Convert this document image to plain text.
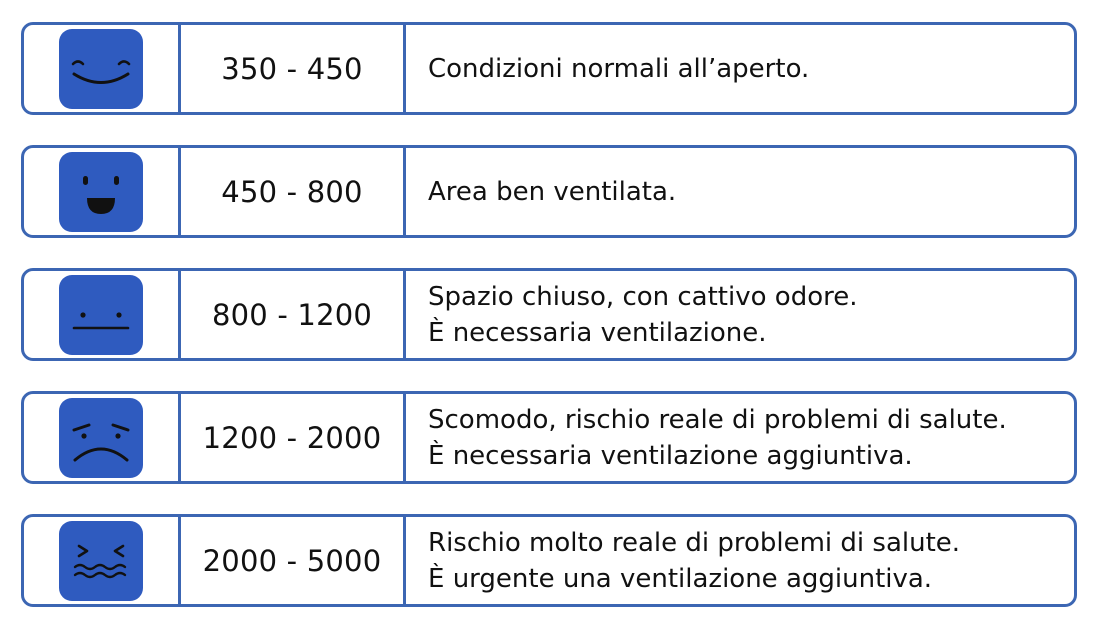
350 - 450	Condizioni normali all’aperto.
450 - 800	Area ben ventilata.
800 - 1200
Spazio chiuso, con cattivo odore.
È necessaria ventilazione.
1200 - 2000
Scomodo, rischio reale di problemi di salute.
È necessaria ventilazione aggiuntiva.
2000 - 5000
Rischio molto reale di problemi di salute.
È urgente una ventilazione aggiuntiva.
